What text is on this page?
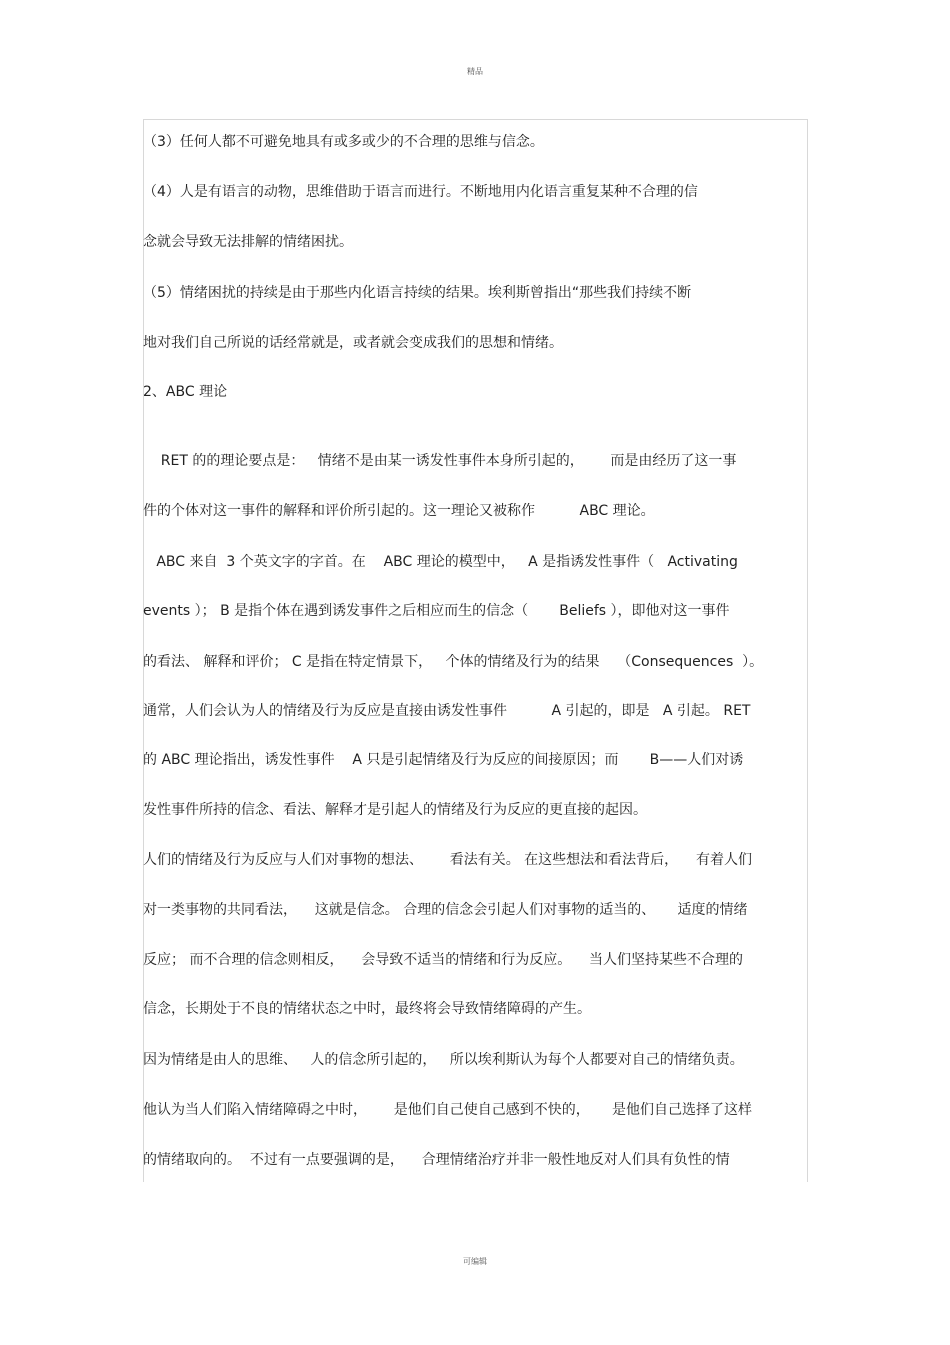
精品
（3）任何人都不可避免地具有或多或少的不合理的思维与信念。
（4）人是有语言的动物，思维借助于语言而进行。不断地用内化语言重复某种不合理的信
念就会导致无法排解的情绪困扰。
（5）情绪困扰的持续是由于那些内化语言持续的结果。埃利斯曾指出“那些我们持续不断
地对我们自己所说的话经常就是，或者就会变成我们的思想和情绪。
2、ABC 理论
RET 的的理论要点是：   情绪不是由某一诱发性事件本身所引起的，      而是由经历了这一事
件的个体对这一事件的解释和评价所引起的。这一理论又被称作          ABC 理论。
ABC 来自  3 个英文字的字首。在    ABC 理论的模型中，   A 是指诱发性事件（   Activating
events ）； B 是指个体在遇到诱发事件之后相应而生的信念（       Beliefs ），即他对这一事件
的看法、 解释和评价； C 是指在特定情景下，   个体的情绪及行为的结果    （Consequences  ）。
通常，人们会认为人的情绪及行为反应是直接由诱发性事件          A 引起的，即是   A 引起。 RET
的 ABC 理论指出，诱发性事件    A 只是引起情绪及行为反应的间接原因；而       B——人们对诱
发性事件所持的信念、看法、解释才是引起人的情绪及行为反应的更直接的起因。
人们的情绪及行为反应与人们对事物的想法、      看法有关。 在这些想法和看法背后，    有着人们
对一类事物的共同看法，    这就是信念。 合理的信念会引起人们对事物的适当的、     适度的情绪
反应； 而不合理的信念则相反，    会导致不适当的情绪和行为反应。    当人们坚持某些不合理的
信念，长期处于不良的情绪状态之中时，最终将会导致情绪障碍的产生。
因为情绪是由人的思维、   人的信念所引起的，   所以埃利斯认为每个人都要对自己的情绪负责。
他认为当人们陷入情绪障碍之中时，      是他们自己使自己感到不快的，     是他们自己选择了这样
的情绪取向的。  不过有一点要强调的是，    合理情绪治疗并非一般性地反对人们具有负性的情
可编辑
